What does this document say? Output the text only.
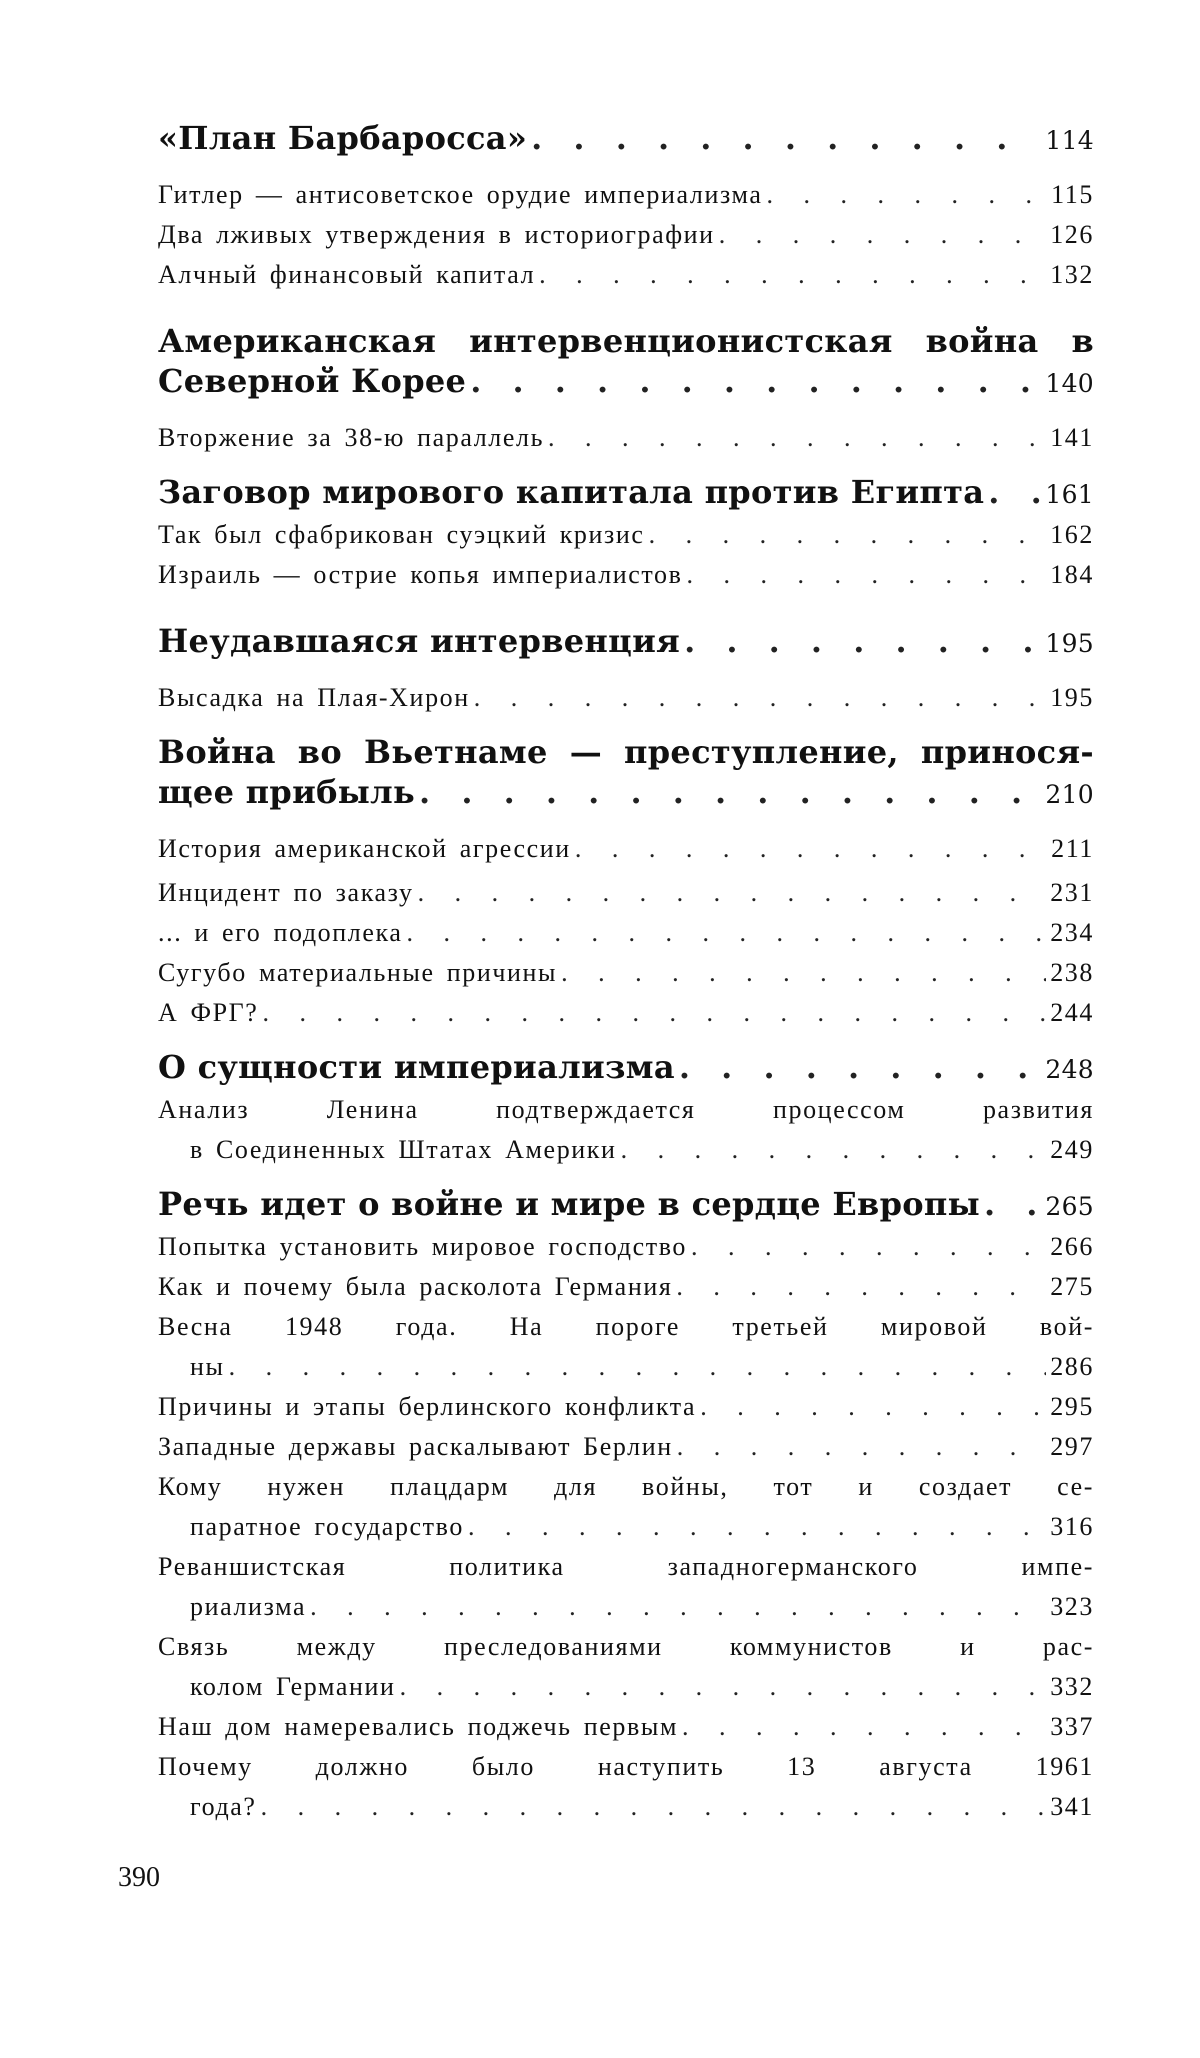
«План Барбаросса» . . .	114
Гитлер — антисоветское орудие империализма . . .	115
Два лживых утверждения в историографии . . .	126
Алчный финансовый капитал . . .	132
Американская интервенционистская война в
Северной Корее . . .	140
Вторжение за 38-ю параллель . . .	141
Заговор мирового капитала против Египта . . . 161
Так был сфабрикован суэцкий кризис . . .	162
Израиль — острие копья империалистов . . .	184
Неудавшаяся интервенция . . .	195
Высадка на Плая-Хирон . . .	195
Война во Вьетнаме — преступление, принося-
щее прибыль . . .	210
История американской агрессии . . .	211
Инцидент по заказу . . .	231
... и его подоплека . . .	234
Сугубо материальные причины . . .	238
А ФРГ? . . .	244
О сущности империализма . . .	248
Анализ Ленина подтверждается процессом развития
в Соединенных Штатах Америки . . .	249
Речь идет о войне и мире в сердце Европы . . .	265
Попытка установить мировое господство . . .	266
Как и почему была расколота Германия . . .	275
Весна 1948 года. На пороге третьей мировой вой-
ны . . .	286
Причины и этапы берлинского конфликта . . .	295
Западные державы раскалывают Берлин . . .	297
Кому нужен плацдарм для войны, тот и создает се-
паратное государство . . .	316
Реваншистская политика западногерманского импе-
риализма . . .	323
Связь между преследованиями коммунистов и рас-
колом Германии . . .	332
Наш дом намеревались поджечь первым . . .	337
Почему должно было наступить 13 августа 1961
года? . . .	341
390
